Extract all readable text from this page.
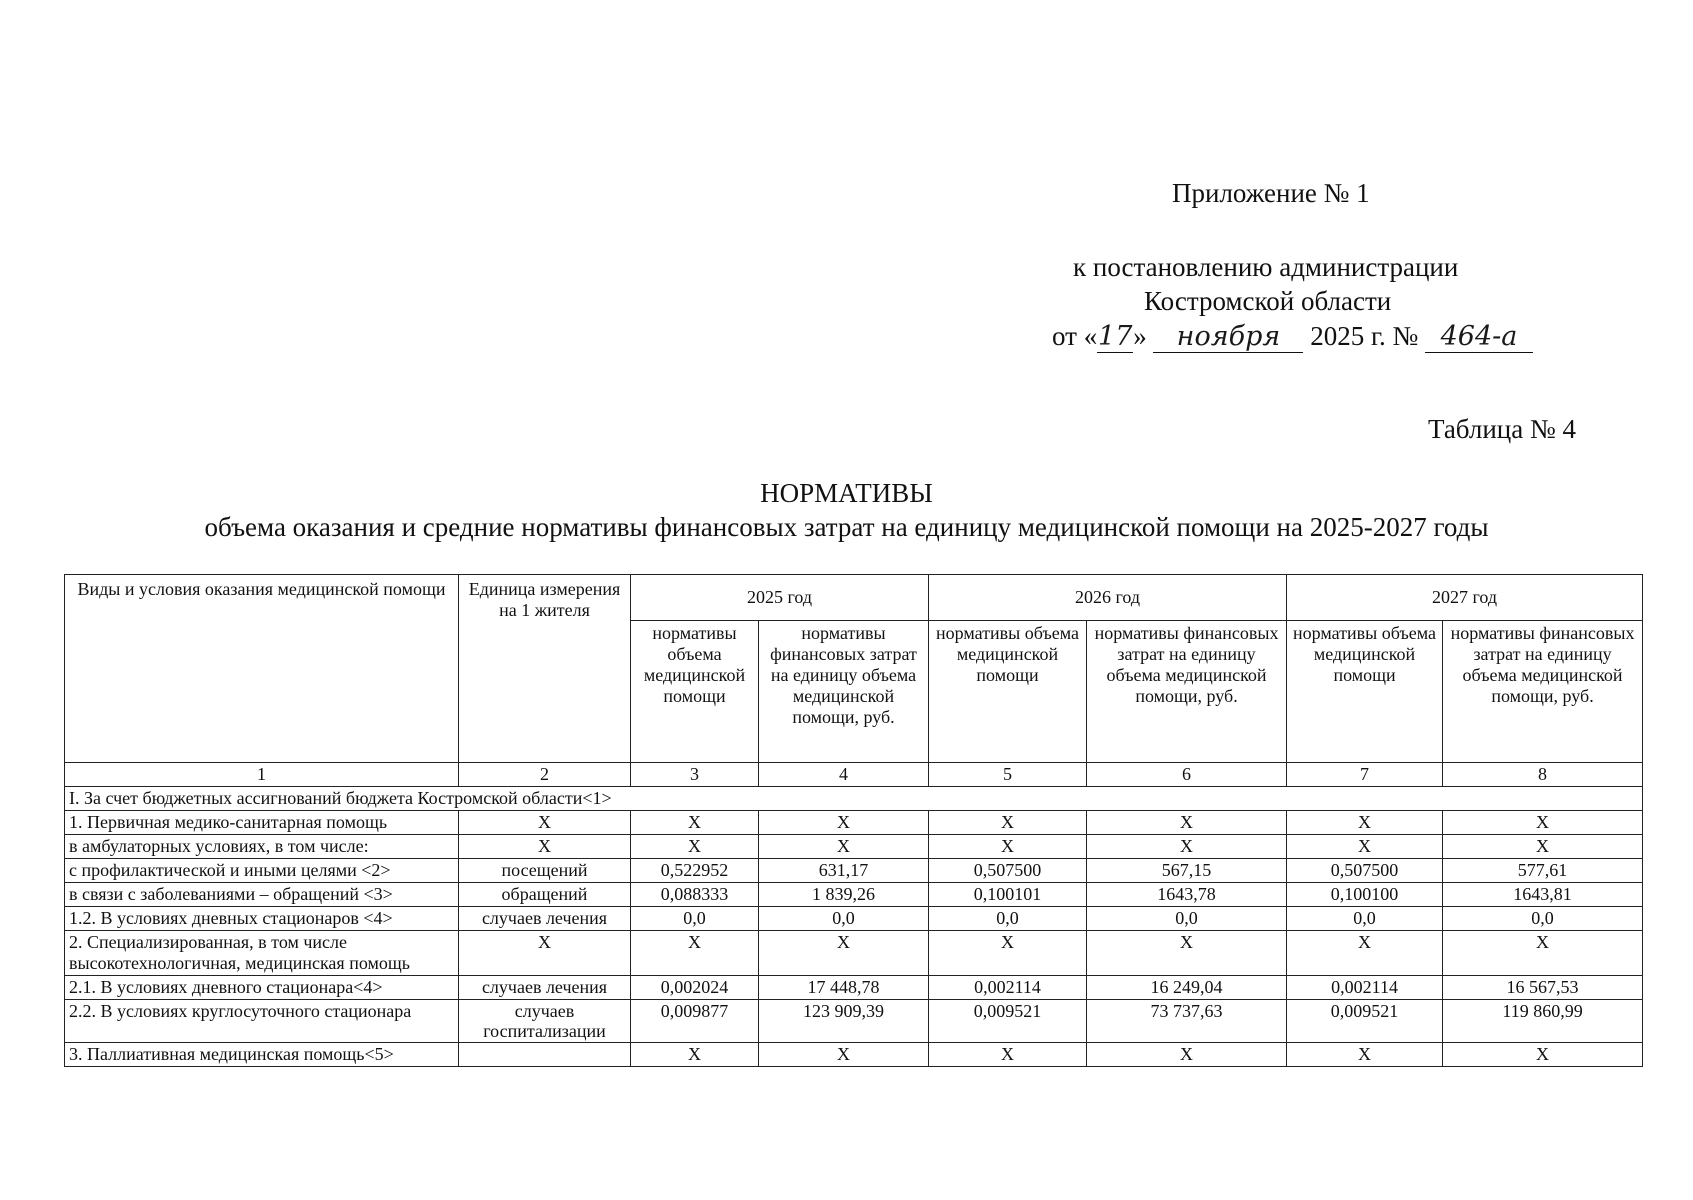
Приложение № 1
к постановлению администрации
Костромской области
от «17» ноября 2025 г. № 464-а
Таблица № 4
НОРМАТИВЫ
объема оказания и средние нормативы финансовых затрат на единицу медицинской помощи на 2025-2027 годы
Виды и условия оказания медицинской помощи	Единица измерения на 1 жителя	2025 год		2026 год		2027 год	
		нормативы объема медицинской помощи	нормативы финансовых затрат на единицу объема медицинской помощи, руб.	нормативы объема медицинской помощи	нормативы финансовых затрат на единицу объема медицинской помощи, руб.	нормативы объема медицинской помощи	нормативы финансовых затрат на единицу объема медицинской помощи, руб.
1	2	3	4	5	6	7	8
I. За счет бюджетных ассигнований бюджета Костромской области<1>							
1. Первичная медико-санитарная помощь	Х	Х	Х	Х	Х	Х	Х
в амбулаторных условиях, в том числе:	Х	Х	Х	Х	Х	Х	Х
с профилактической и иными целями <2>	посещений	0,522952	631,17	0,507500	567,15	0,507500	577,61
в связи с заболеваниями – обращений <3>	обращений	0,088333	1 839,26	0,100101	1643,78	0,100100	1643,81
1.2. В условиях дневных стационаров <4>	случаев лечения	0,0	0,0	0,0	0,0	0,0	0,0
2. Специализированная, в том числе высокотехнологичная, медицинская помощь	Х	Х	Х	Х	Х	Х	Х
2.1. В условиях дневного стационара<4>	случаев лечения	0,002024	17 448,78	0,002114	16 249,04	0,002114	16 567,53
2.2. В условиях круглосуточного стационара	случаев госпитализации	0,009877	123 909,39	0,009521	73 737,63	0,009521	119 860,99
3. Паллиативная медицинская помощь<5>		Х	Х	Х	Х	Х	Х
